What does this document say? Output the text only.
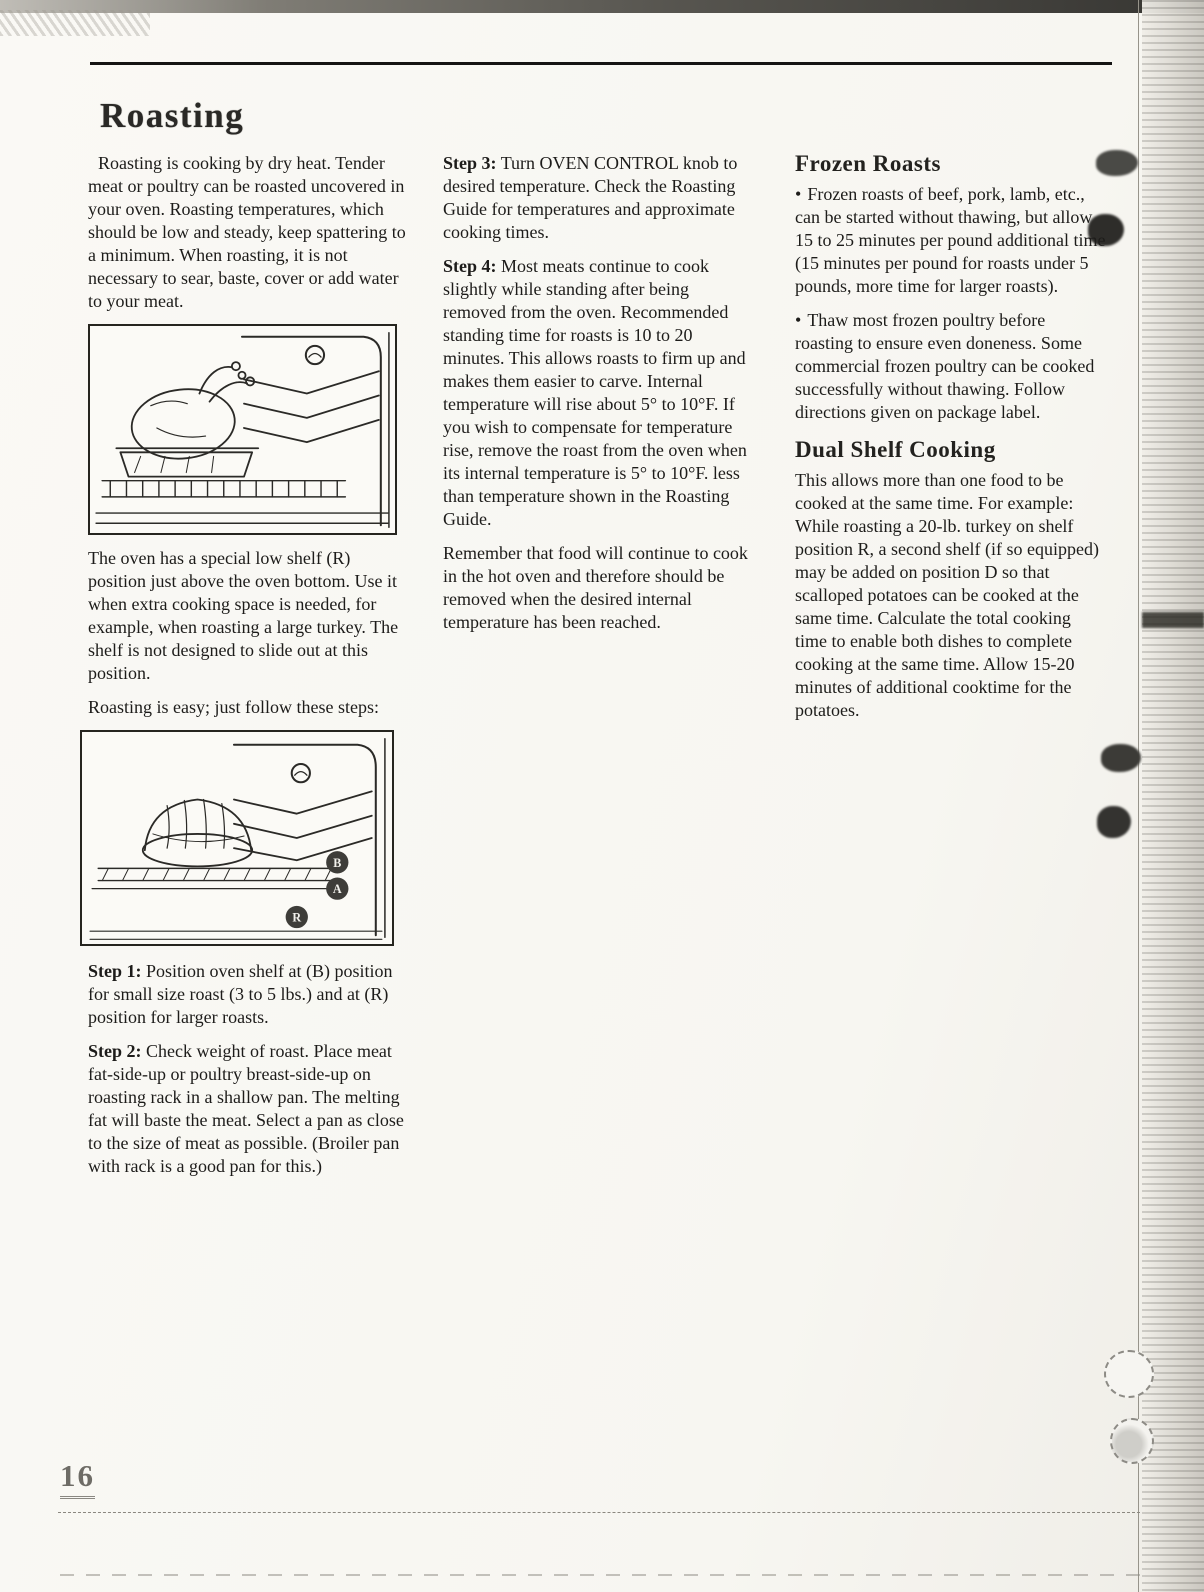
Roasting

Roasting is cooking by dry heat. Tender meat or poultry can be roasted uncovered in your oven. Roasting temperatures, which should be low and steady, keep spattering to a minimum. When roasting, it is not necessary to sear, baste, cover or add water to your meat.

The oven has a special low shelf (R) position just above the oven bottom. Use it when extra cooking space is needed, for example, when roasting a large turkey. The shelf is not designed to slide out at this position.

Roasting is easy; just follow these steps:

B
A
R

Step 1: Position oven shelf at (B) position for small size roast (3 to 5 lbs.) and at (R) position for larger roasts.

Step 2: Check weight of roast. Place meat fat-side-up or poultry breast-side-up on roasting rack in a shallow pan. The melting fat will baste the meat. Select a pan as close to the size of meat as possible. (Broiler pan with rack is a good pan for this.)

Step 3: Turn OVEN CONTROL knob to desired temperature. Check the Roasting Guide for temperatures and approximate cooking times.

Step 4: Most meats continue to cook slightly while standing after being removed from the oven. Recommended standing time for roasts is 10 to 20 minutes. This allows roasts to firm up and makes them easier to carve. Internal temperature will rise about 5° to 10°F. If you wish to compensate for temperature rise, remove the roast from the oven when its internal temperature is 5° to 10°F. less than temperature shown in the Roasting Guide.

Remember that food will continue to cook in the hot oven and therefore should be removed when the desired internal temperature has been reached.

Frozen Roasts

• Frozen roasts of beef, pork, lamb, etc., can be started without thawing, but allow 15 to 25 minutes per pound additional time (15 minutes per pound for roasts under 5 pounds, more time for larger roasts).

• Thaw most frozen poultry before roasting to ensure even doneness. Some commercial frozen poultry can be cooked successfully without thawing. Follow directions given on package label.

Dual Shelf Cooking

This allows more than one food to be cooked at the same time. For example: While roasting a 20-lb. turkey on shelf position R, a second shelf (if so equipped) may be added on position D so that scalloped potatoes can be cooked at the same time. Calculate the total cooking time to enable both dishes to complete cooking at the same time. Allow 15-20 minutes of additional cooktime for the potatoes.

16
